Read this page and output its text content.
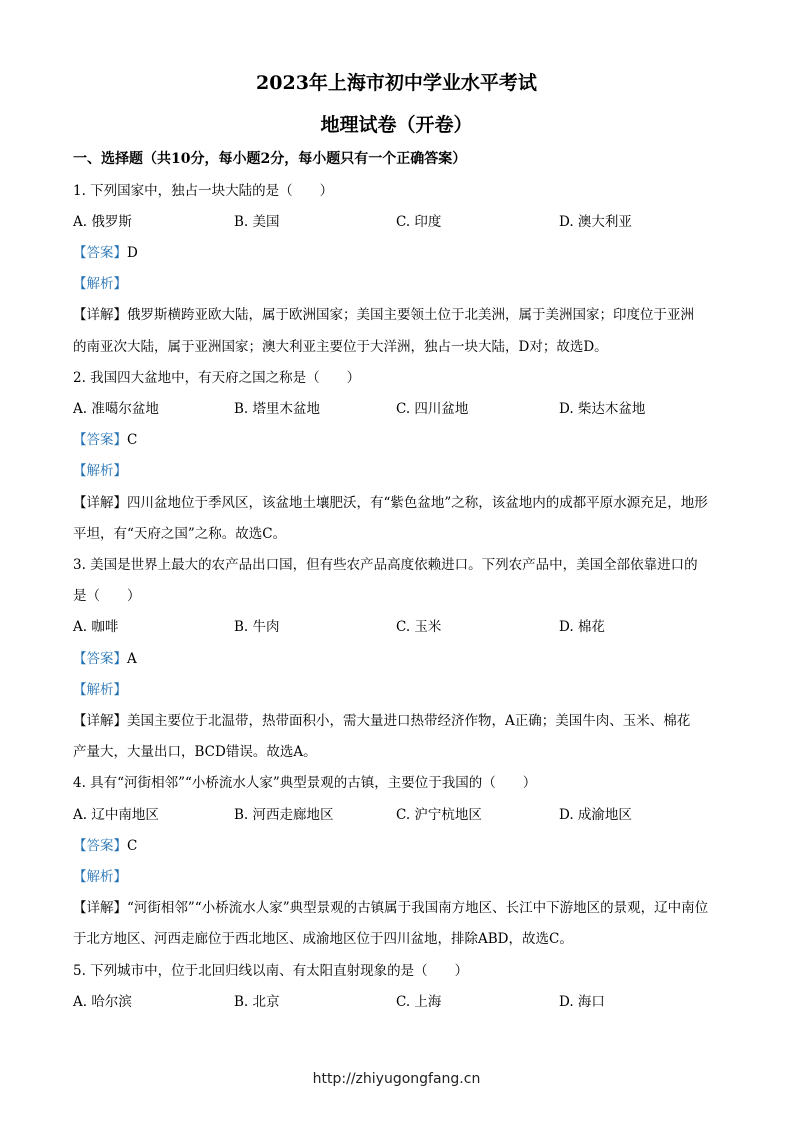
2023年上海市初中学业水平考试
地理试卷（开卷）
一、选择题（共10分，每小题2分，每小题只有一个正确答案）
1. 下列国家中，独占一块大陆的是（　　）
A. 俄罗斯	B. 美国	C. 印度	D. 澳大利亚
【答案】D
【解析】
【详解】俄罗斯横跨亚欧大陆，属于欧洲国家；美国主要领土位于北美洲，属于美洲国家；印度位于亚洲
的南亚次大陆，属于亚洲国家；澳大利亚主要位于大洋洲，独占一块大陆，D对；故选D。
2. 我国四大盆地中，有天府之国之称是（　　）
A. 准噶尔盆地	B. 塔里木盆地	C. 四川盆地	D. 柴达木盆地
【答案】C
【解析】
【详解】四川盆地位于季风区，该盆地土壤肥沃，有“紫色盆地”之称，该盆地内的成都平原水源充足，地形
平坦，有“天府之国”之称。故选C。
3. 美国是世界上最大的农产品出口国，但有些农产品高度依赖进口。下列农产品中，美国全部依靠进口的
是（　　）
A. 咖啡	B. 牛肉	C. 玉米	D. 棉花
【答案】A
【解析】
【详解】美国主要位于北温带，热带面积小，需大量进口热带经济作物，A正确；美国牛肉、玉米、棉花
产量大，大量出口，BCD错误。故选A。
4. 具有“河街相邻”“小桥流水人家”典型景观的古镇，主要位于我国的（　　）
A. 辽中南地区	B. 河西走廊地区	C. 沪宁杭地区	D. 成渝地区
【答案】C
【解析】
【详解】“河街相邻”“小桥流水人家”典型景观的古镇属于我国南方地区、长江中下游地区的景观，辽中南位
于北方地区、河西走廊位于西北地区、成渝地区位于四川盆地，排除ABD，故选C。
5. 下列城市中，位于北回归线以南、有太阳直射现象的是（　　）
A. 哈尔滨	B. 北京	C. 上海	D. 海口
http://zhiyugongfang.cn
